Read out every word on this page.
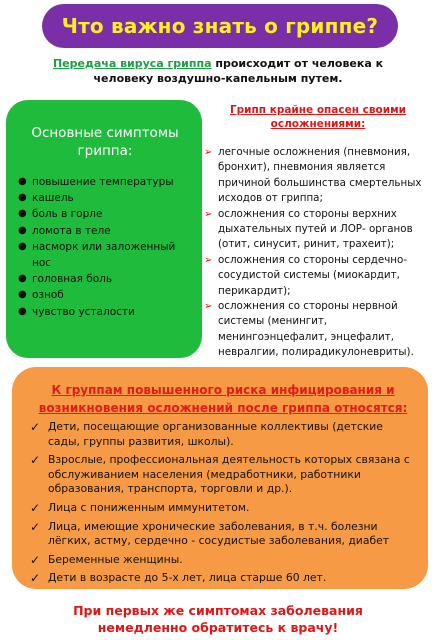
Что важно знать о гриппе?

Передача вируса гриппа происходит от человека к человеку воздушно-капельным путем.

Основные симптомы гриппа:
● повышение температуры
● кашель
● боль в горле
● ломота в теле
● насморк или заложенный нос
● головная боль
● озноб
● чувство усталости
Грипп крайне опасен своими осложнениями:
➢ легочные осложнения (пневмония, бронхит), пневмония является причиной большинства смертельных исходов от гриппа;
➢ осложнения со стороны верхних дыхательных путей и ЛОР- органов (отит, синусит, ринит, трахеит);
➢ осложнения со стороны сердечно-сосудистой системы (миокардит, перикардит);
➢ осложнения со стороны нервной системы (менингит, менингоэнцефалит, энцефалит, невралгии, полирадикулоневриты).
К группам повышенного риска инфицирования и возникновения осложнений после гриппа относятся:
✓ Дети, посещающие организованные коллективы (детские сады, группы развития, школы).
✓ Взрослые, профессиональная деятельность которых связана с обслуживанием населения (медработники, работники образования, транспорта, торговли и др.).
✓ Лица с пониженным иммунитетом.
✓ Лица, имеющие хронические заболевания, в т.ч. болезни лёгких, астму, сердечно - сосудистые заболевания, диабет
✓ Беременные женщины.
✓ Дети в возрасте до 5-х лет, лица старше 60 лет.
При первых же симптомах заболевания немедленно обратитесь к врачу!
